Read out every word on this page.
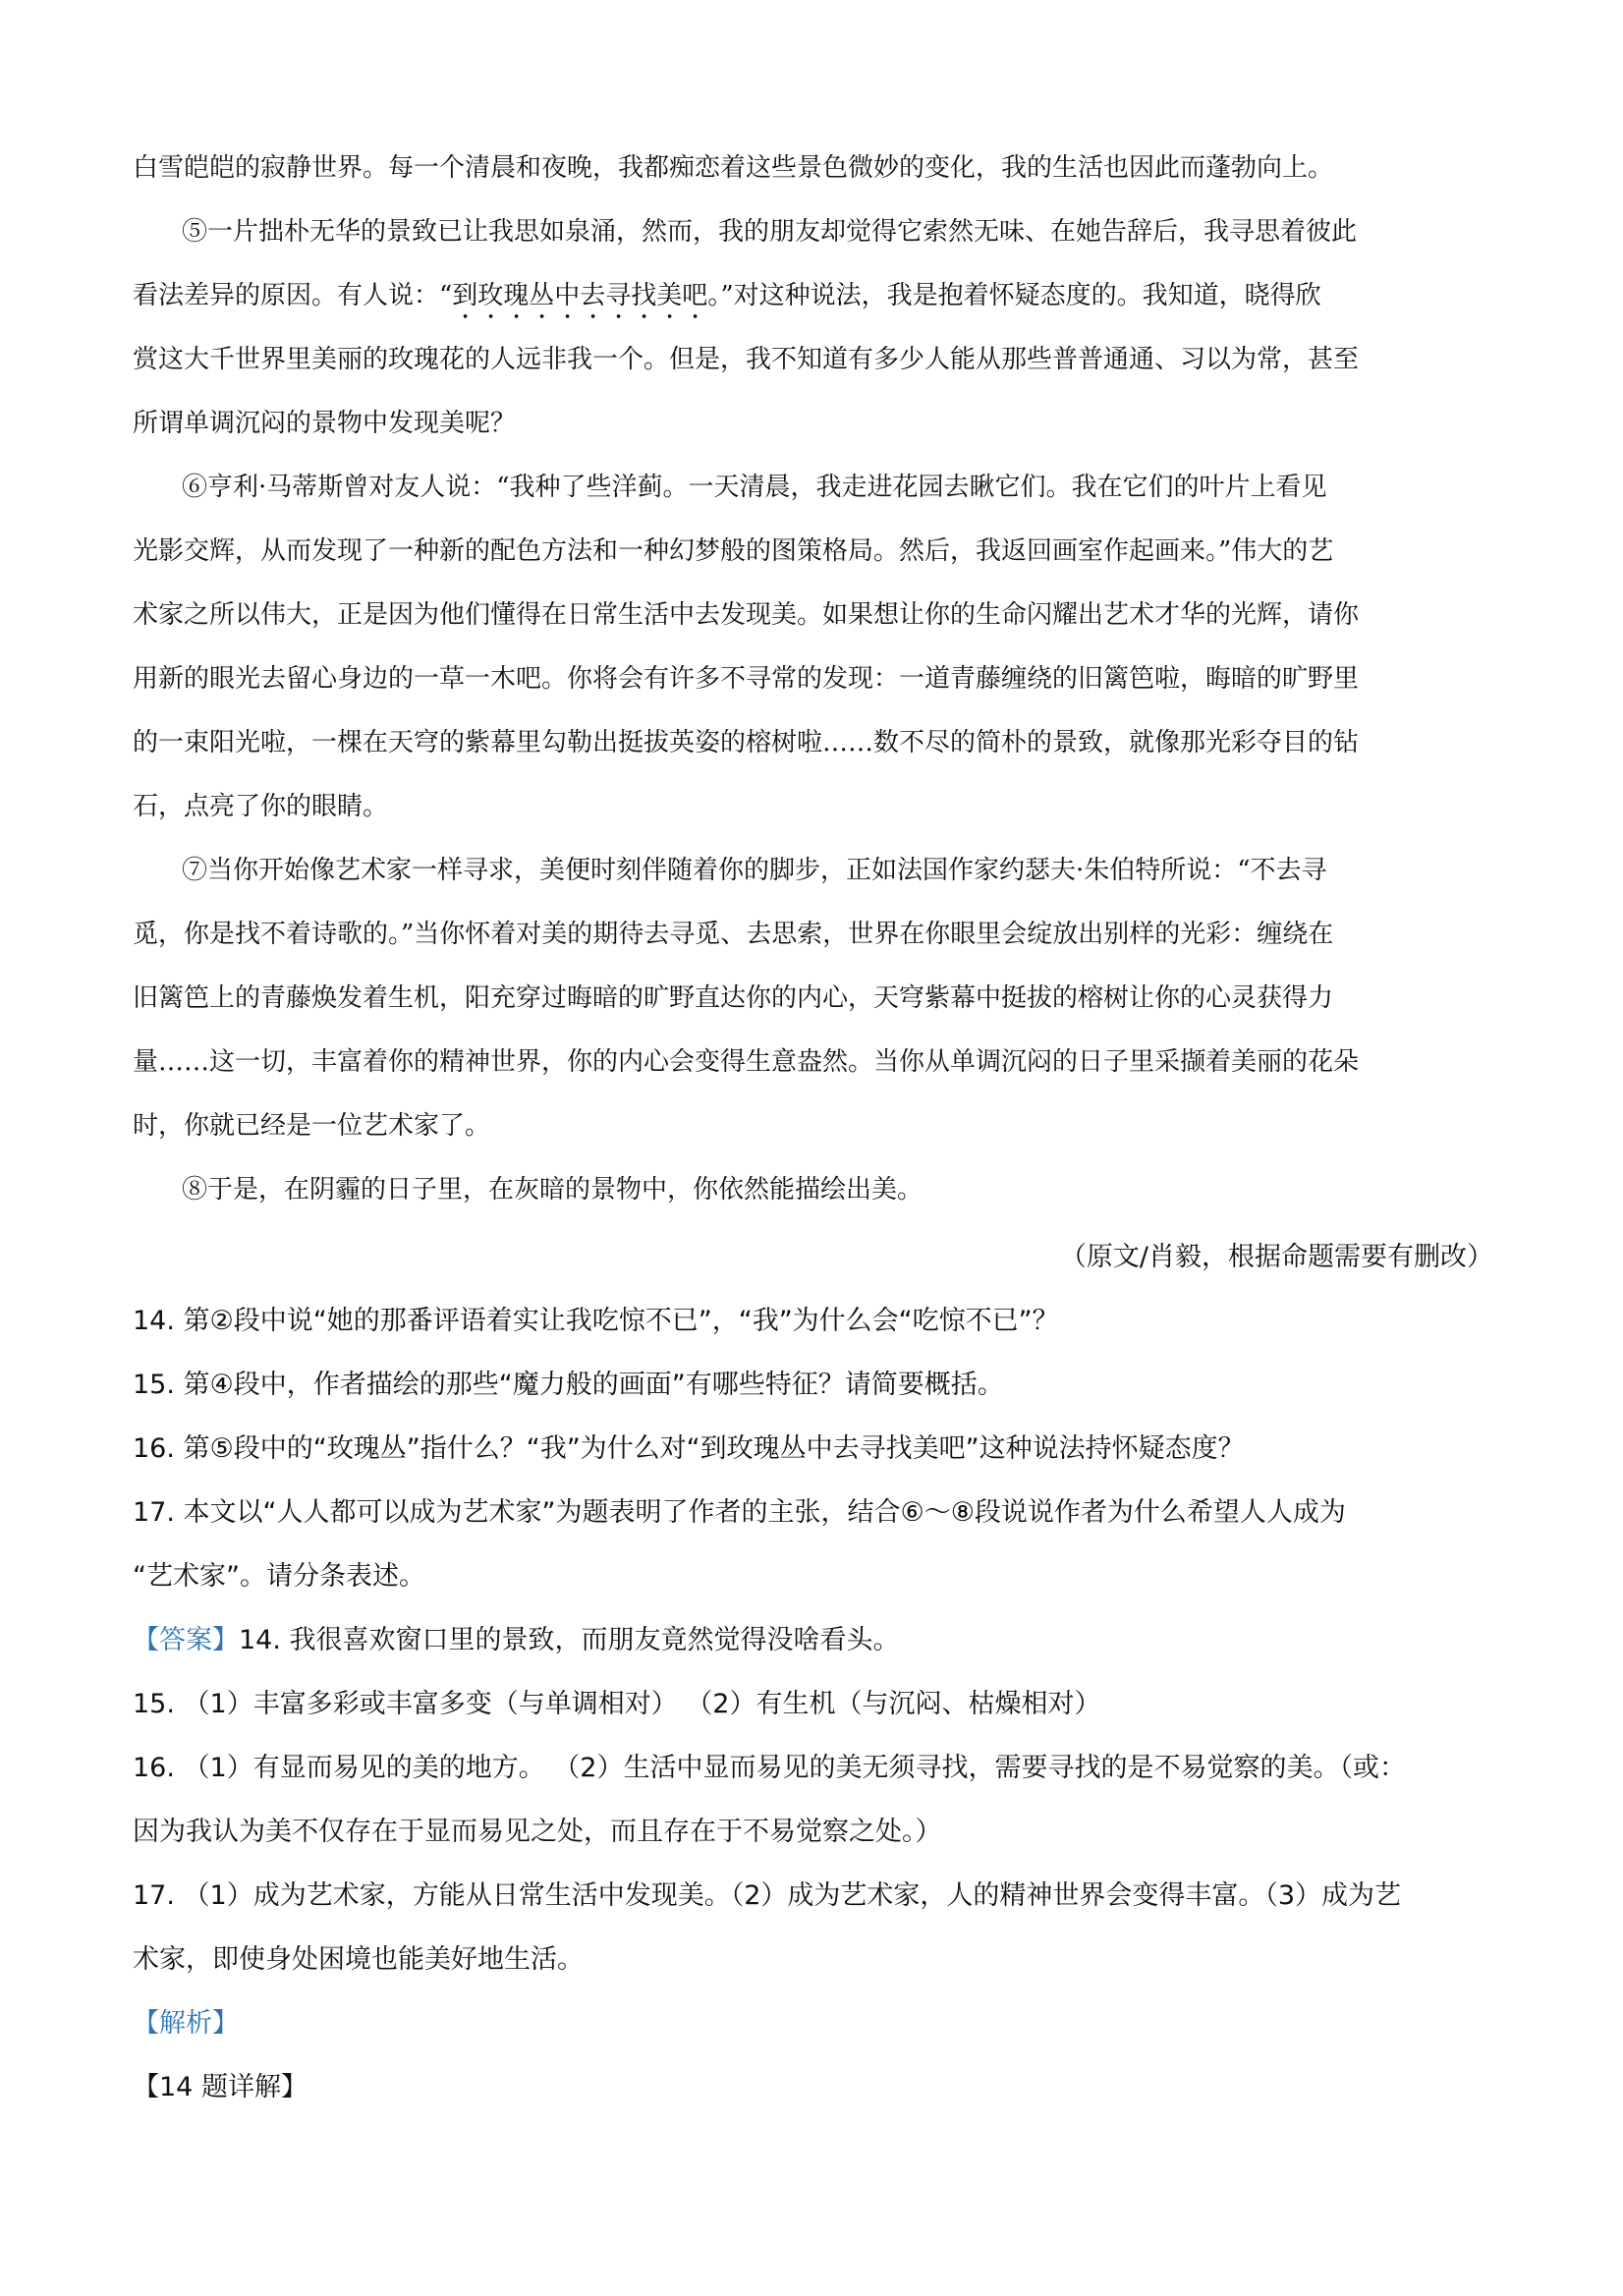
白雪皑皑的寂静世界。每一个清晨和夜晚，我都痴恋着这些景色微妙的变化，我的生活也因此而蓬勃向上。

⑤一片拙朴无华的景致已让我思如泉涌，然而，我的朋友却觉得它索然无味、在她告辞后，我寻思着彼此

看法差异的原因。有人说：“到玫瑰丛中去寻找美吧。”对这种说法，我是抱着怀疑态度的。我知道，晓得欣

赏这大千世界里美丽的玫瑰花的人远非我一个。但是，我不知道有多少人能从那些普普通通、习以为常，甚至

所谓单调沉闷的景物中发现美呢？

⑥亨利·马蒂斯曾对友人说：“我种了些洋蓟。一天清晨，我走进花园去瞅它们。我在它们的叶片上看见

光影交辉，从而发现了一种新的配色方法和一种幻梦般的图策格局。然后，我返回画室作起画来。”伟大的艺

术家之所以伟大，正是因为他们懂得在日常生活中去发现美。如果想让你的生命闪耀出艺术才华的光辉，请你

用新的眼光去留心身边的一草一木吧。你将会有许多不寻常的发现：一道青藤缠绕的旧篱笆啦，晦暗的旷野里

的一束阳光啦，一棵在天穹的紫幕里勾勒出挺拔英姿的榕树啦……数不尽的简朴的景致，就像那光彩夺目的钻

石，点亮了你的眼睛。

⑦当你开始像艺术家一样寻求，美便时刻伴随着你的脚步，正如法国作家约瑟夫·朱伯特所说：“不去寻

觅，你是找不着诗歌的。”当你怀着对美的期待去寻觅、去思索，世界在你眼里会绽放出别样的光彩：缠绕在

旧篱笆上的青藤焕发着生机，阳充穿过晦暗的旷野直达你的内心，天穹紫幕中挺拔的榕树让你的心灵获得力

量……这一切，丰富着你的精神世界，你的内心会变得生意盎然。当你从单调沉闷的日子里采撷着美丽的花朵

时，你就已经是一位艺术家了。

⑧于是，在阴霾的日子里，在灰暗的景物中，你依然能描绘出美。

（原文/肖毅，根据命题需要有删改）

14. 第②段中说“她的那番评语着实让我吃惊不已”，“我”为什么会“吃惊不已”？

15. 第④段中，作者描绘的那些“魔力般的画面”有哪些特征？请简要概括。

16. 第⑤段中的“玫瑰丛”指什么？“我”为什么对“到玫瑰丛中去寻找美吧”这种说法持怀疑态度？

17. 本文以“人人都可以成为艺术家”为题表明了作者的主张，结合⑥～⑧段说说作者为什么希望人人成为

“艺术家”。请分条表述。

【答案】14. 我很喜欢窗口里的景致，而朋友竟然觉得没啥看头。

15. （1）丰富多彩或丰富多变（与单调相对） （2）有生机（与沉闷、枯燥相对）

16. （1）有显而易见的美的地方。 （2）生活中显而易见的美无须寻找，需要寻找的是不易觉察的美。（或：

因为我认为美不仅存在于显而易见之处，而且存在于不易觉察之处。）

17. （1）成为艺术家，方能从日常生活中发现美。（2）成为艺术家，人的精神世界会变得丰富。（3）成为艺

术家，即使身处困境也能美好地生活。

【解析】

【14 题详解】
